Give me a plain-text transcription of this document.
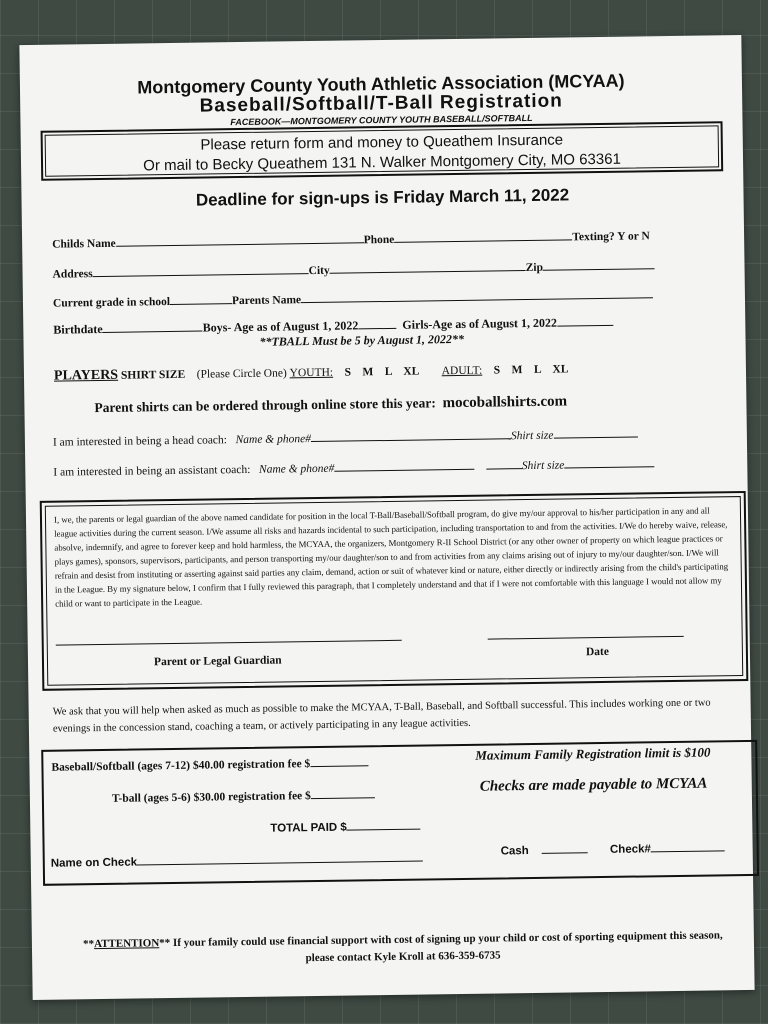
Montgomery County Youth Athletic Association (MCYAA)
Baseball/Softball/T-Ball Registration
FACEBOOK—MONTGOMERY COUNTY YOUTH BASEBALL/SOFTBALL
Please return form and money to Queathem Insurance
Or mail to Becky Queathem 131 N. Walker Montgomery City, MO 63361
Deadline for sign-ups is Friday March 11, 2022
Childs Name	Phone	Texting? Y or N
Address	City	Zip
Current grade in school	Parents Name
Birthdate	Boys- Age as of August 1, 2022	Girls-Age as of August 1, 2022
**TBALL Must be 5 by August 1, 2022**
PLAYERS SHIRT SIZE (Please Circle One) YOUTH: S    M    L    XL ADULT: S    M    L    XL
Parent shirts can be ordered through online store this year: mocoballshirts.com
I am interested in being a head coach: Name & phone#	Shirt size
I am interested in being an assistant coach: Name & phone#	Shirt size
I, we, the parents or legal guardian of the above named candidate for position in the local T-Ball/Baseball/Softball program, do give my/our approval to his/her participation in any and all league activities during the current season. I/We assume all risks and hazards incidental to such participation, including transportation to and from the activities. I/We do hereby waive, release, absolve, indemnify, and agree to forever keep and hold harmless, the MCYAA, the organizers, Montgomery R-II School District (or any other owner of property on which league practices or plays games), sponsors, supervisors, participants, and person transporting my/our daughter/son to and from activities from any claims arising out of injury to my/our daughter/son. I/We will refrain and desist from instituting or asserting against said parties any claim, demand, action or suit of whatever kind or nature, either directly or indirectly arising from the child's participating in the League. By my signature below, I confirm that I fully reviewed this paragraph, that I completely understand and that if I were not comfortable with this language I would not allow my child or want to participate in the League.
Parent or Legal Guardian
Date
We ask that you will help when asked as much as possible to make the MCYAA, T-Ball, Baseball, and Softball successful. This includes working one or two evenings in the concession stand, coaching a team, or actively participating in any league activities.
Baseball/Softball (ages 7-12) $40.00 registration fee $
Maximum Family Registration limit is $100
T-ball (ages 5-6) $30.00 registration fee $
Checks are made payable to MCYAA
TOTAL PAID $
Name on Check
Cash	Check#
**ATTENTION** If your family could use financial support with cost of signing up your child or cost of sporting equipment this season, please contact Kyle Kroll at 636-359-6735
